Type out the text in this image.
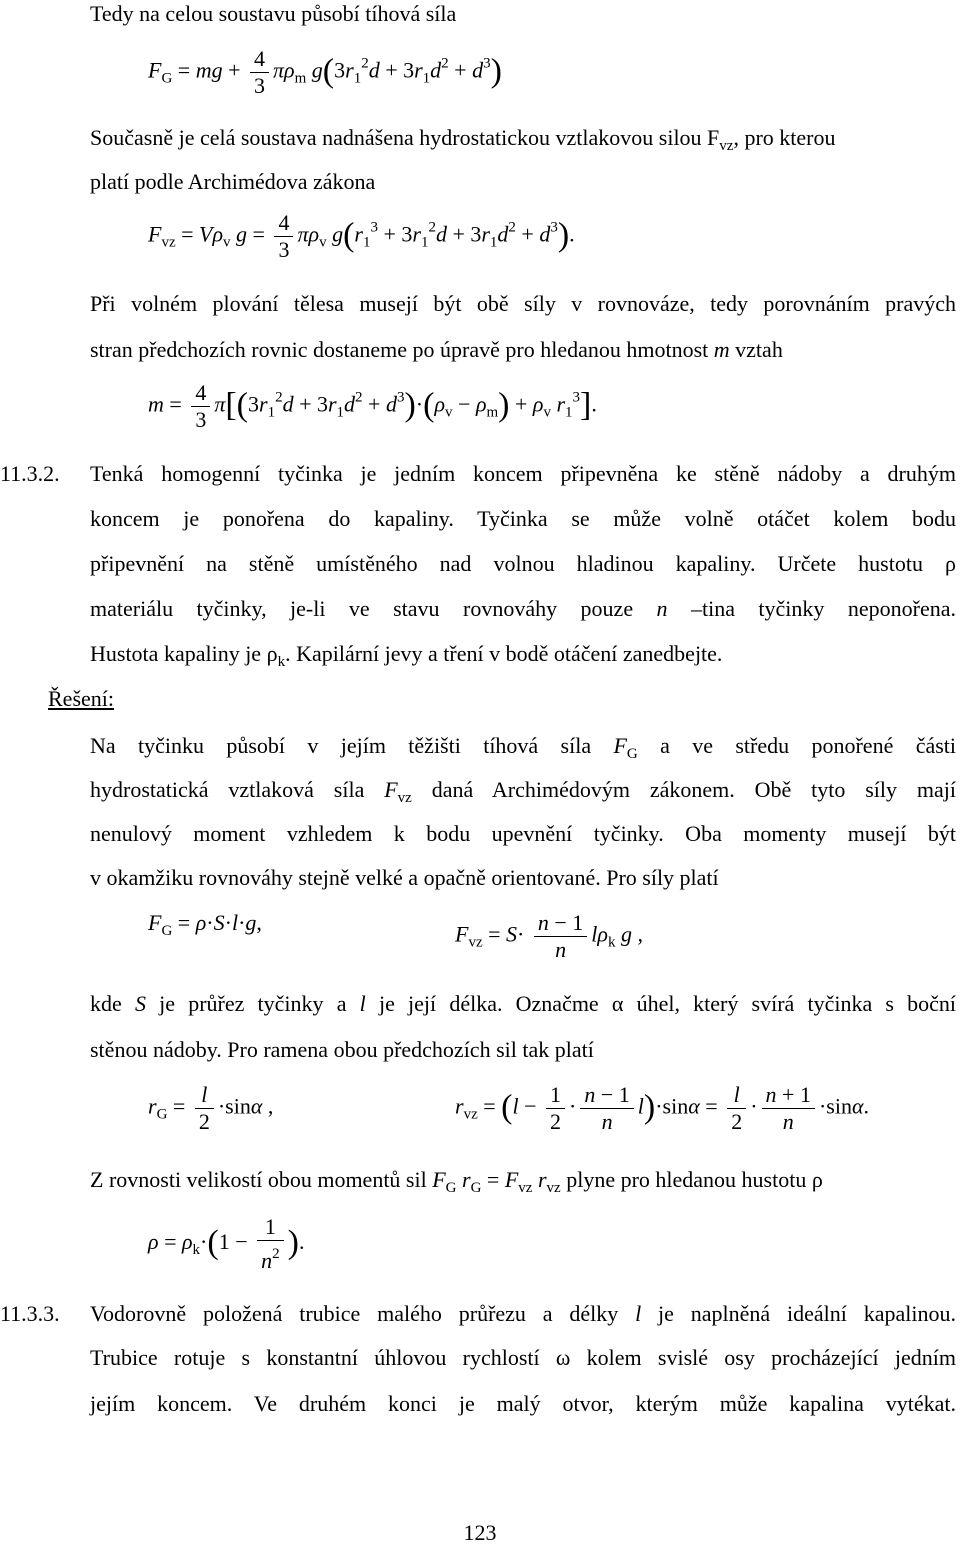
Tedy na celou soustavu působí tíhová síla
$F_G$ = mg + $\frac{4}{3} \pi\rho_m$ $g(3r_1^2d + 3r_1d^2 + d^3)$
Současně je celá soustava nadnášena hydrostatickou vztlakovou silou $F_{vz}$, pro kterou
platí podle Archimédova zákona
$F_{vz} = V\rho_v$ $g = \frac{4}{3} \pi\rho_v$ $g(r_1^3 + 3r_1^2d + 3r_1d^2 + d^3)$.
Při volném plování tělesa musejí být obě síly v rovnováze, tedy porovnáním pravých
stran předchozích rovnic dostaneme po úpravě pro hledanou hmotnost m vztah
$m = \frac{4}{3} \pi[(3r_1^2d + 3r_1d^2 + d^3)\cdot(\rho_v - \rho_m) + \rho_v$ $r_1^3$].
11.3.2.	Tenká homogenní tyčinka je jedním koncem připevněna ke stěně nádoby a druhým
koncem je ponořena do kapaliny. Tyčinka se může volně otáčet kolem bodu
připevnění na stěně umístěného nad volnou hladinou kapaliny. Určete hustotu ρ
materiálu tyčinky, je-li ve stavu rovnováhy pouze n –tina tyčinky neponořena.
Hustota kapaliny je $\rho_k$. Kapilární jevy a tření v bodě otáčení zanedbejte.
Řešení:
Na tyčinku působí v jejím těžišti tíhová síla $F_G$ a ve středu ponořené části
hydrostatická vztlaková síla $F_{vz}$ daná Archimédovým zákonem. Obě tyto síly mají
nenulový moment vzhledem k bodu upevnění tyčinky. Oba momenty musejí být
v okamžiku rovnováhy stejně velké a opačně orientované. Pro síly platí
$F_G = \rho\cdot S\cdot l\cdot g$,	$F_{vz} = S\cdot \frac{n - 1}{n} l\rho_k$ g ,
kde S je průřez tyčinky a l je její délka. Označme α úhel, který svírá tyčinka s boční
stěnou nádoby. Pro ramena obou předchozích sil tak platí
$r_G = \frac{l}{2} \cdot\sin\alpha$ ,	$r_{vz} = (l - \frac{1}{2} \cdot \frac{n - 1}{n} l)\cdot\sin\alpha = \frac{l}{2} \cdot \frac{n + 1}{n} \cdot\sin\alpha$.
Z rovnosti velikostí obou momentů sil $F_G$ $r_G = F_{vz}$ $r_{vz}$ plyne pro hledanou hustotu ρ
$\rho = \rho_k\cdot(1 - \frac{1}{n^2}$ ).
11.3.3.	Vodorovně položená trubice malého průřezu a délky l je naplněná ideální kapalinou.
Trubice rotuje s konstantní úhlovou rychlostí ω kolem svislé osy procházející jedním
jejím koncem. Ve druhém konci je malý otvor, kterým může kapalina vytékat.
123
